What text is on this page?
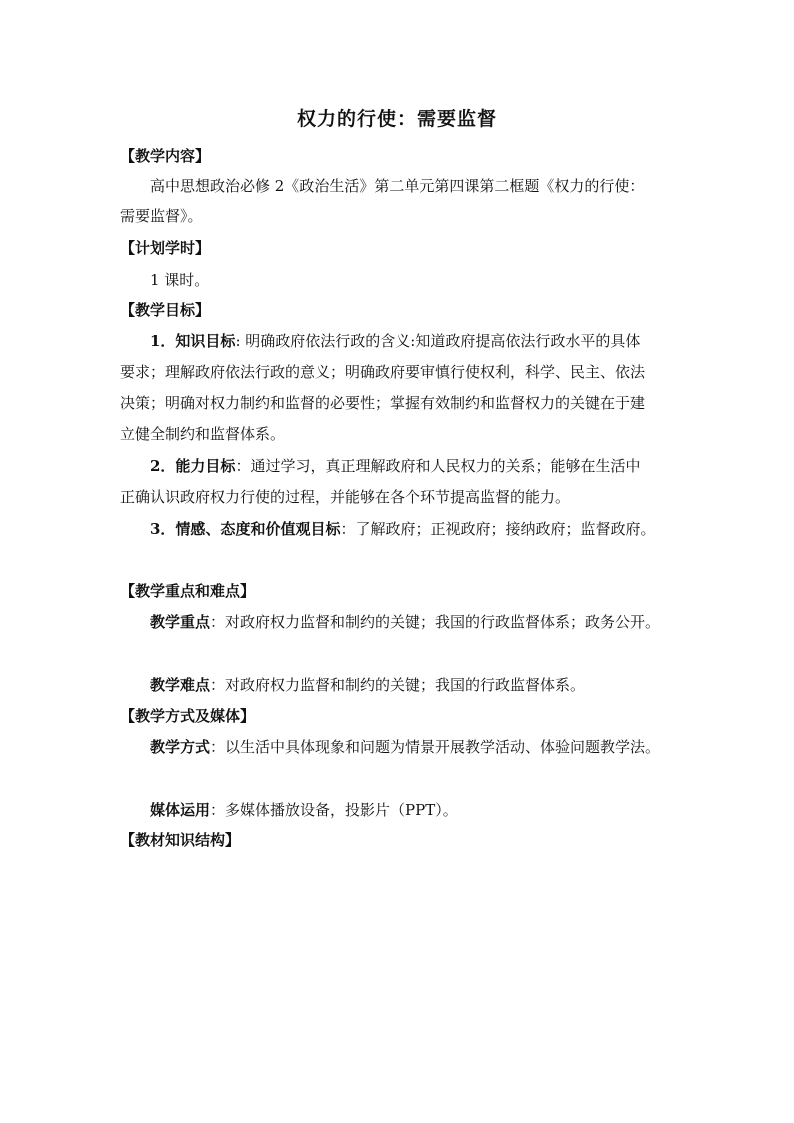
权力的行使：需要监督
【教学内容】
高中思想政治必修 2《政治生活》第二单元第四课第二框题《权力的行使：
需要监督》。
【计划学时】
1 课时。
【教学目标】
1．知识目标: 明确政府依法行政的含义:知道政府提高依法行政水平的具体
要求；理解政府依法行政的意义；明确政府要审慎行使权利，科学、民主、依法
决策；明确对权力制约和监督的必要性；掌握有效制约和监督权力的关键在于建
立健全制约和监督体系。
2．能力目标：通过学习，真正理解政府和人民权力的关系；能够在生活中
正确认识政府权力行使的过程，并能够在各个环节提高监督的能力。
3．情感、态度和价值观目标：了解政府；正视政府；接纳政府；监督政府。
【教学重点和难点】
教学重点：对政府权力监督和制约的关键；我国的行政监督体系；政务公开。
教学难点：对政府权力监督和制约的关键；我国的行政监督体系。
【教学方式及媒体】
教学方式：以生活中具体现象和问题为情景开展教学活动、体验问题教学法。
媒体运用：多媒体播放设备，投影片（PPT）。
【教材知识结构】
